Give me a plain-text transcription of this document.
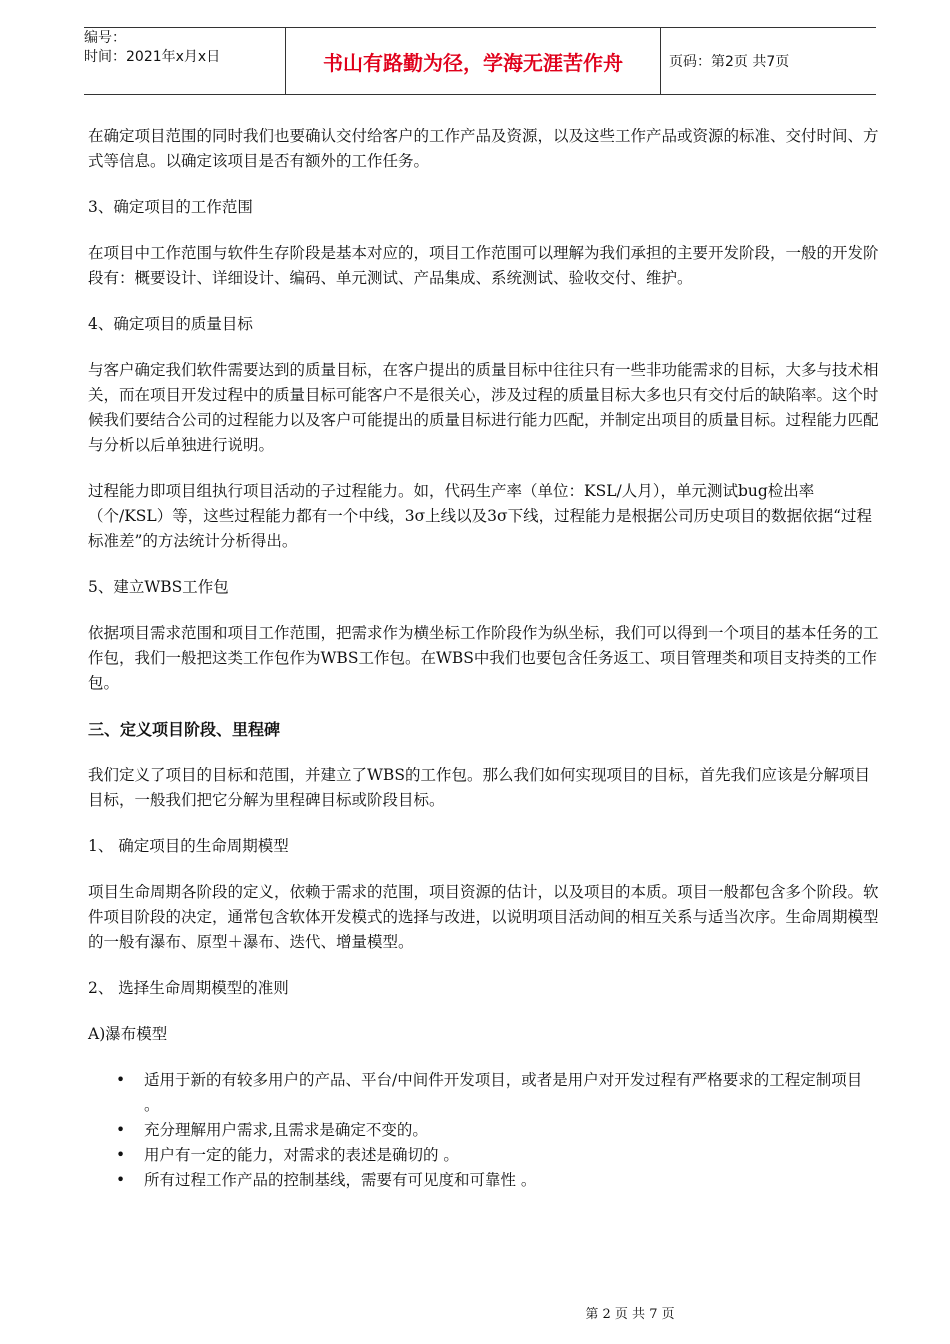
编号：
时间：2021年x月x日	书山有路勤为径，学海无涯苦作舟	页码：第2页 共7页

在确定项目范围的同时我们也要确认交付给客户的工作产品及资源，以及这些工作产品或资源的标准、交付时间、方式等信息。以确定该项目是否有额外的工作任务。

3、确定项目的工作范围

在项目中工作范围与软件生存阶段是基本对应的，项目工作范围可以理解为我们承担的主要开发阶段，一般的开发阶段有：概要设计、详细设计、编码、单元测试、产品集成、系统测试、验收交付、维护。

4、确定项目的质量目标

与客户确定我们软件需要达到的质量目标，在客户提出的质量目标中往往只有一些非功能需求的目标，大多与技术相关，而在项目开发过程中的质量目标可能客户不是很关心，涉及过程的质量目标大多也只有交付后的缺陷率。这个时候我们要结合公司的过程能力以及客户可能提出的质量目标进行能力匹配，并制定出项目的质量目标。过程能力匹配与分析以后单独进行说明。

过程能力即项目组执行项目活动的子过程能力。如，代码生产率（单位：KSL/人月），单元测试bug检出率（个/KSL）等，这些过程能力都有一个中线，3σ上线以及3σ下线，过程能力是根据公司历史项目的数据依据“过程标准差”的方法统计分析得出。

5、建立WBS工作包

依据项目需求范围和项目工作范围，把需求作为横坐标工作阶段作为纵坐标，我们可以得到一个项目的基本任务的工作包，我们一般把这类工作包作为WBS工作包。在WBS中我们也要包含任务返工、项目管理类和项目支持类的工作包。

三、定义项目阶段、里程碑

我们定义了项目的目标和范围，并建立了WBS的工作包。那么我们如何实现项目的目标，首先我们应该是分解项目目标，一般我们把它分解为里程碑目标或阶段目标。

1、 确定项目的生命周期模型

项目生命周期各阶段的定义，依赖于需求的范围，项目资源的估计，以及项目的本质。项目一般都包含多个阶段。软件项目阶段的决定，通常包含软体开发模式的选择与改进，以说明项目活动间的相互关系与适当次序。生命周期模型的一般有瀑布、原型＋瀑布、迭代、增量模型。

2、 选择生命周期模型的准则

A)瀑布模型

• 适用于新的有较多用户的产品、平台/中间件开发项目，或者是用户对开发过程有严格要求的工程定制项目 。
• 充分理解用户需求,且需求是确定不变的。
• 用户有一定的能力，对需求的表述是确切的 。
• 所有过程工作产品的控制基线，需要有可见度和可靠性 。
第 2 页 共 7 页
